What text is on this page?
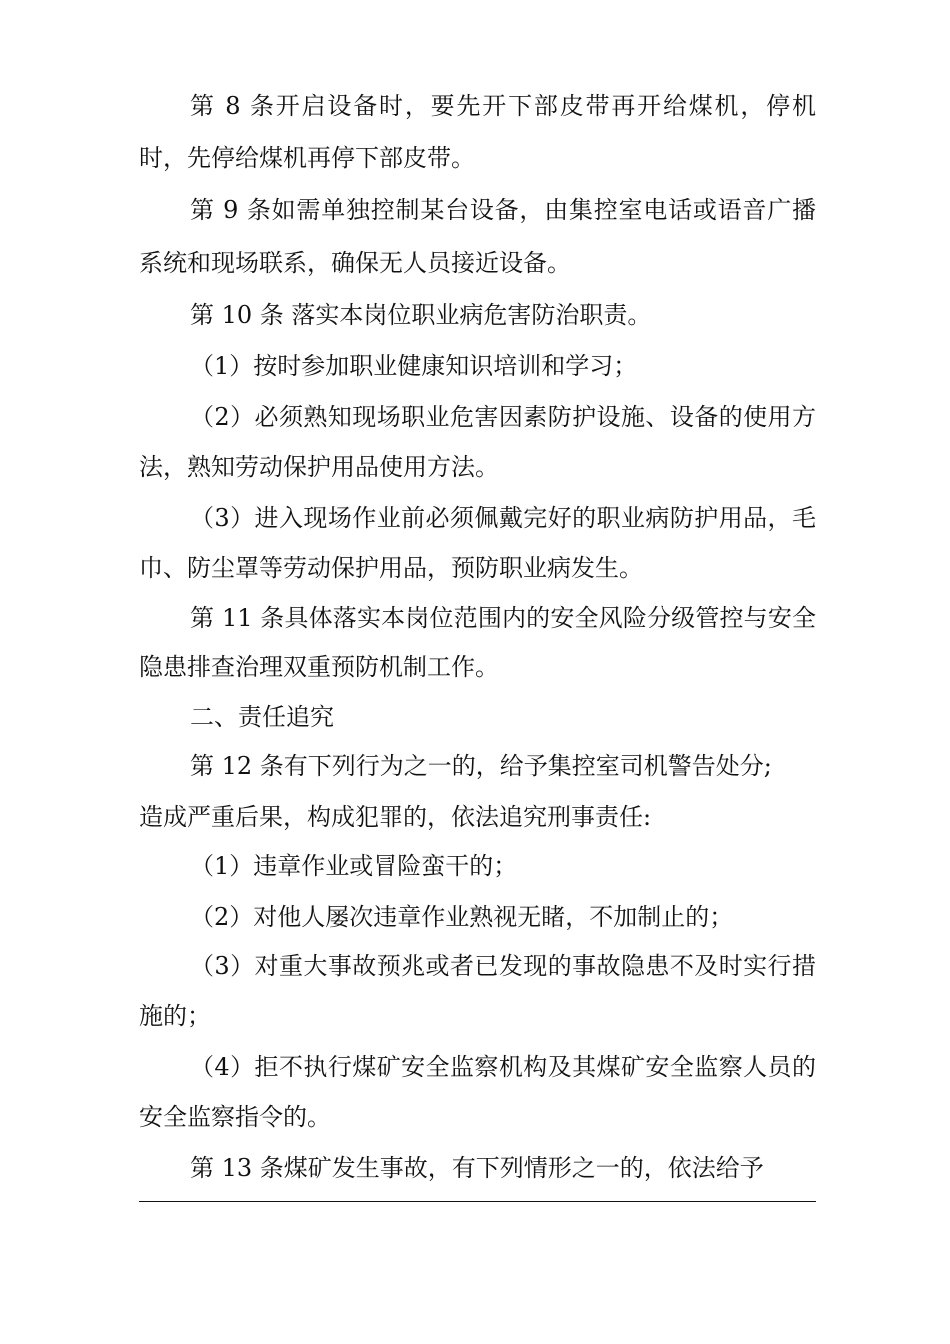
第 8 条开启设备时，要先开下部皮带再开给煤机，停机
时，先停给煤机再停下部皮带。
第 9 条如需单独控制某台设备，由集控室电话或语音广播
系统和现场联系，确保无人员接近设备。
第 10 条 落实本岗位职业病危害防治职责。
（1）按时参加职业健康知识培训和学习；
（2）必须熟知现场职业危害因素防护设施、设备的使用方
法，熟知劳动保护用品使用方法。
（3）进入现场作业前必须佩戴完好的职业病防护用品，毛
巾、防尘罩等劳动保护用品，预防职业病发生。
第 11 条具体落实本岗位范围内的安全风险分级管控与安全
隐患排查治理双重预防机制工作。
二、责任追究
第 12 条有下列行为之一的，给予集控室司机警告处分;
造成严重后果，构成犯罪的，依法追究刑事责任:
（1）违章作业或冒险蛮干的；
（2）对他人屡次违章作业熟视无睹，不加制止的；
（3）对重大事故预兆或者已发现的事故隐患不及时实行措
施的；
（4）拒不执行煤矿安全监察机构及其煤矿安全监察人员的
安全监察指令的。
第 13 条煤矿发生事故，有下列情形之一的，依法给予
